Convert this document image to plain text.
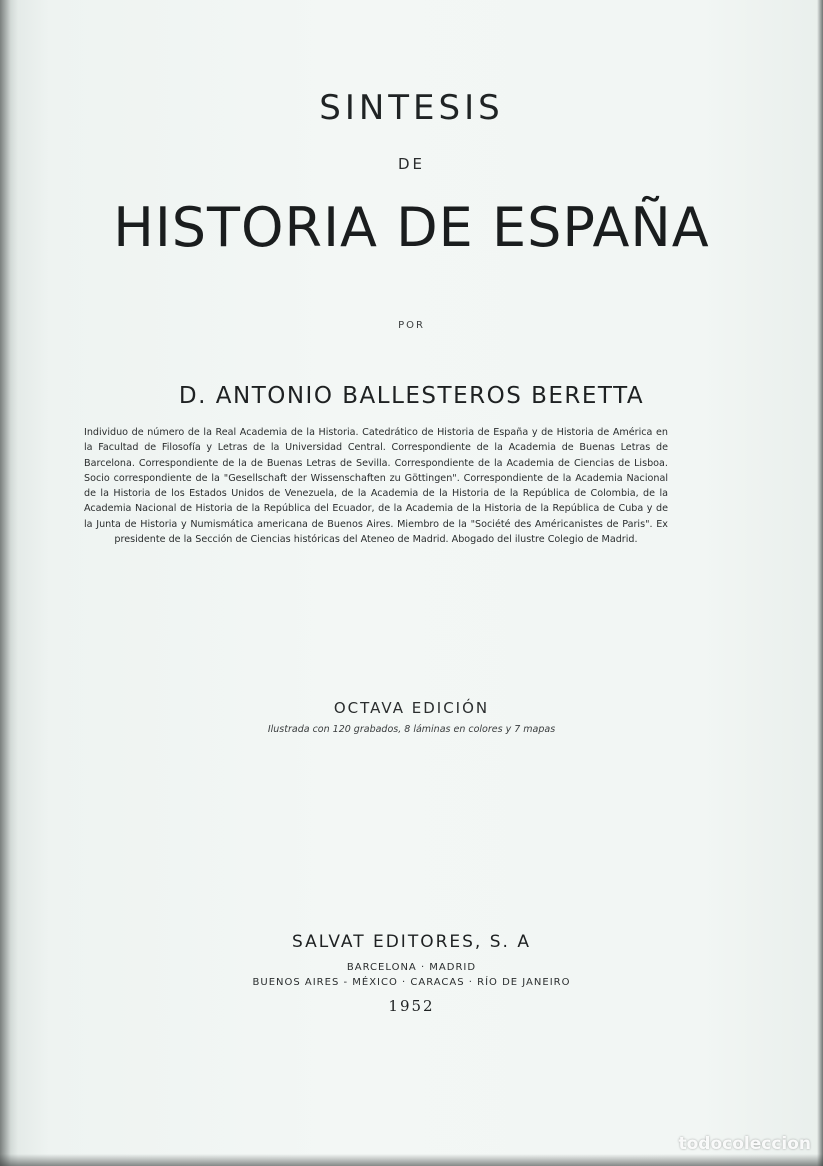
SINTESIS
DE
HISTORIA DE ESPAÑA
POR
D. ANTONIO BALLESTEROS BERETTA
Individuo de número de la Real Academia de la Historia. Catedrático de Historia de España y de Historia de América en la Facultad de Filosofía y Letras de la Universidad Central. Correspondiente de la Academia de Buenas Letras de Barcelona. Correspondiente de la de Buenas Letras de Sevilla. Correspondiente de la Academia de Ciencias de Lisboa. Socio correspondiente de la "Gesellschaft der Wissenschaften zu Göttingen". Correspondiente de la Academia Nacional de la Historia de los Estados Unidos de Venezuela, de la Academia de la Historia de la República de Colombia, de la Academia Nacional de Historia de la República del Ecuador, de la Academia de la Historia de la República de Cuba y de la Junta de Historia y Numismática americana de Buenos Aires. Miembro de la "Société des Américanistes de Paris". Ex presidente de la Sección de Ciencias históricas del Ateneo de Madrid. Abogado del ilustre Colegio de Madrid.
OCTAVA EDICIÓN
Ilustrada con 120 grabados, 8 láminas en colores y 7 mapas
SALVAT EDITORES, S. A
BARCELONA · MADRID
BUENOS AIRES - MÉXICO · CARACAS · RÍO DE JANEIRO
1952
todocoleccion
